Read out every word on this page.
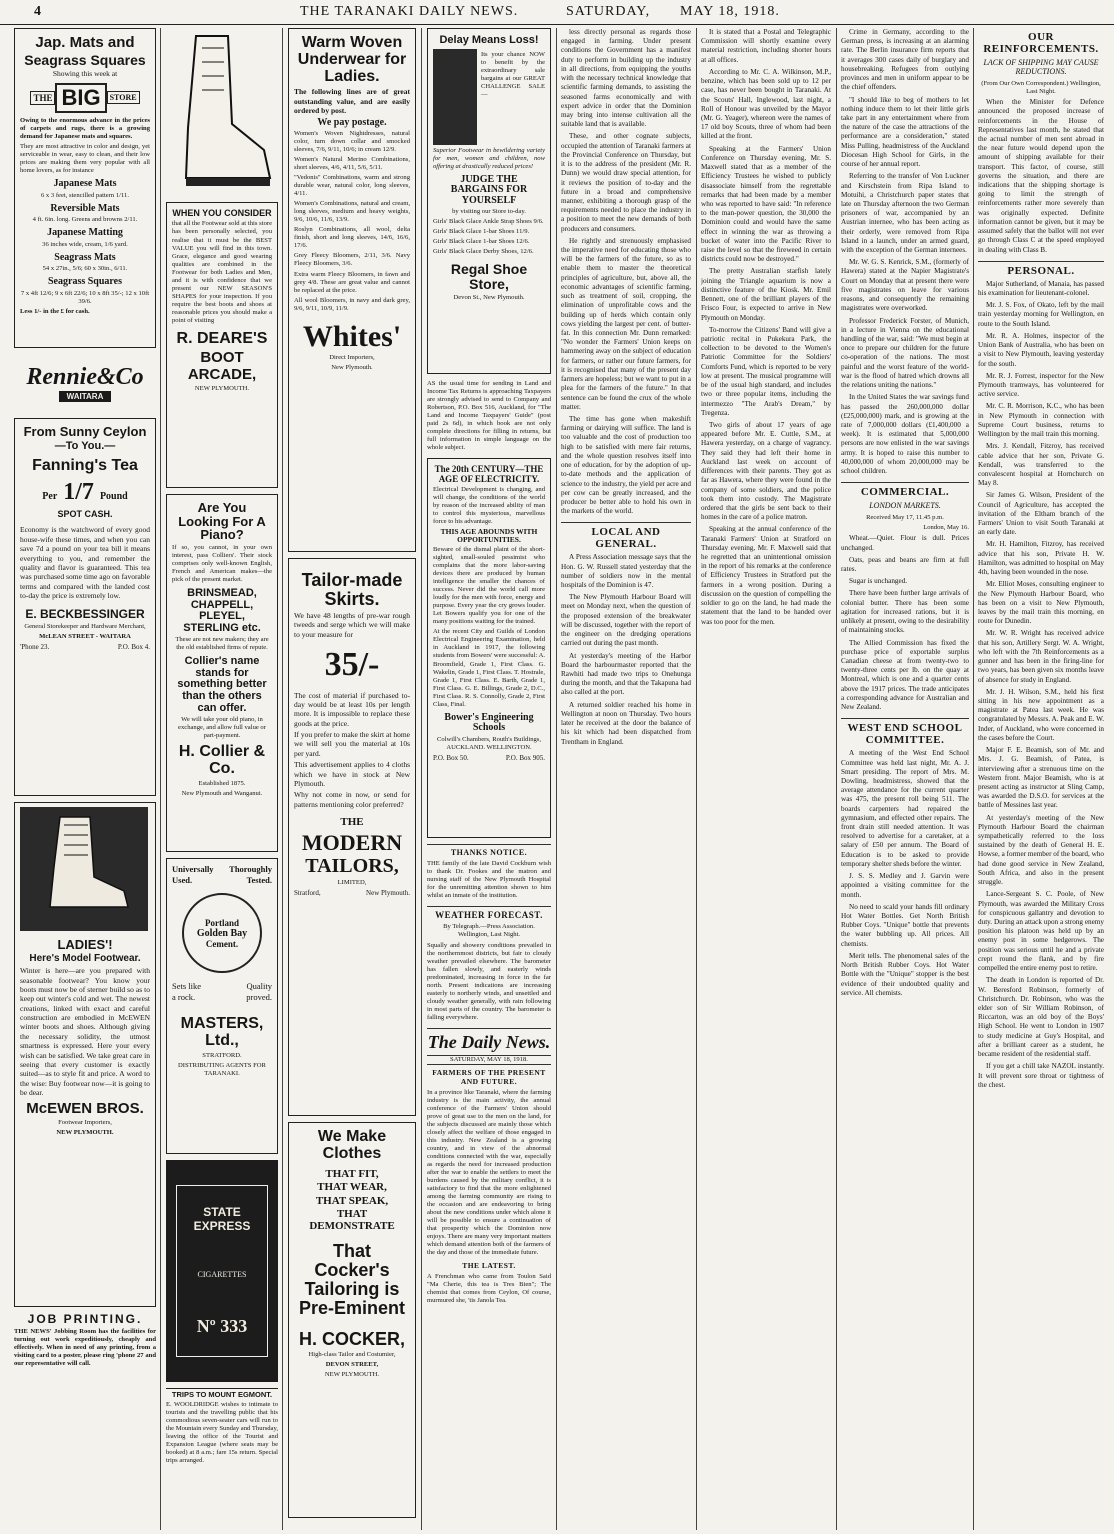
4	THE TARANAKI DAILY NEWS.	SATURDAY, MAY 18, 1918.
Jap. Mats and
Seagrass Squares
Showing this week at
THE BIG	STORE
Owing to the enormous advance in the prices of carpets and rugs, there is a growing demand for Japanese mats and squares.
They are most attractive in color and design, yet serviceable in wear, easy to clean, and their low prices are making them very popular with all home lovers, as for instance
Japanese Mats
6 x 3 feet, stencilled pattern 1/11.
Reversible Mats
4 ft. 6in. long. Greens and browns 2/11.
Japanese Matting
36 inches wide, cream, 1/6 yard.
Seagrass Mats
54 x 27in., 5/6; 60 x 30in., 6/11.
Seagrass Squares
7 x 4ft 12/6; 9 x 6ft 22/6; 10 x 8ft 35/-; 12 x 10ft 39/6.
Less 1/- in the £ for cash.
Rennie&Co
WAITARA
From Sunny Ceylon
—To You.—
Fanning's Tea
Per 1/7 Pound
SPOT CASH.
Economy is the watchword of every good house-wife these times, and when you can save 7d a pound on your tea bill it means everything to you, and remember the quality and flavor is guaranteed. This tea was purchased some time ago on favorable terms and compared with the landed cost to-day the price is extremely low.
E. BECKBESSINGER
General Storekeeper and Hardware Merchant,
McLEAN STREET - WAITARA
'Phone 23.	P.O. Box 4.
LADIES'!
Here's Model Footwear.
Winter is here—are you prepared with seasonable footwear? You know your boots must now be of sterner build so as to keep out winter's cold and wet. The newest creations, linked with exact and careful construction are embodied in McEWEN winter boots and shoes. Although giving the necessary solidity, the utmost smartness is expressed. Here your every wish can be satisfied. We take great care in seeing that every customer is exactly suited—as to style fit and price. A word to the wise: Buy footwear now—it is going to be dear.
McEWEN BROS.
Footwear Importers,
NEW PLYMOUTH.
JOB PRINTING.
THE NEWS' Jobbing Room has the facilities for turning out work expeditiously, cheaply and effectively. When in need of any printing, from a visiting card to a poster, please ring 'phone 27 and our representative will call.
WHEN YOU CONSIDER
that all the Footwear sold at this store has been personally selected, you realise that it must be the BEST VALUE you will find in this town. Grace, elegance and good wearing qualities are combined in the Footwear for both Ladies and Men, and it is with confidence that we present our NEW SEASON'S SHAPES for your inspection. If you require the best boots and shoes at reasonable prices you should make a point of visiting
R. DEARE'S
BOOT
ARCADE,
NEW PLYMOUTH.
Are You Looking For A Piano?
If so, you cannot, in your own interest, pass Colliers'. Their stock comprises only well-known English, French and American makes—the pick of the present market.
BRINSMEAD, CHAPPELL, PLEYEL, STERLING etc.
These are not new makers; they are the old established firms of repute.
Collier's name stands for something better than the others can offer.
We will take your old piano, in exchange, and allow full value or part-payment.
H. Collier & Co.
Established 1875.
New Plymouth and Wanganui.
Universally Thoroughly
Used.	Tested.
Portland
Golden Bay
Cement.
Sets like	Quality
a rock.	proved.
MASTERS, Ltd.,
STRATFORD.
DISTRIBUTING AGENTS FOR TARANAKI.
STATE EXPRESS
CIGARETTES
Nº 333
TRIPS TO MOUNT EGMONT.
E. WOOLDRIDGE wishes to intimate to tourists and the travelling public that his commodious seven-seater cars will run to the Mountain every Sunday and Thursday, leaving the office of the Tourist and Expansion League (where seats may be booked) at 8 a.m.; fare 15s return. Special trips arranged.
Warm Woven Underwear for Ladies.
The following lines are of great outstanding value, and are easily ordered by post.
We pay postage.
Women's Woven Nightdresses, natural color, turn down collar and smocked sleeves, 7/6, 9/11, 10/6; in cream 12/9.
Women's Natural Merino Combinations, short sleeves, 4/6, 4/11, 5/6, 5/11.
"Vedonis" Combinations, warm and strong durable wear, natural color, long sleeves, 4/11.
Women's Combinations, natural and cream, long sleeves, medium and heavy weights, 9/6, 10/6, 11/6, 13/9.
Roslyn Combinations, all wool, delta finish, short and long sleeves, 14/6, 16/6, 17/6.
Grey Fleecy Bloomers, 2/11, 3/6. Navy Fleecy Bloomers, 3/6.
Extra warm Fleecy Bloomers, in fawn and grey 4/8. These are great value and cannot be replaced at the price.
All wool Bloomers, in navy and dark grey, 9/6, 9/11, 10/9, 11/9.
Whites'
Direct Importers,
New Plymouth.
Tailor-made Skirts.
We have 48 lengths of pre-war rough tweeds and serge which we will make to your measure for
35/-
The cost of material if purchased to-day would be at least 10s per length more. It is impossible to replace these goods at the price.
If you prefer to make the skirt at home we will sell you the material at 10s per yard.
This advertisement applies to 4 cloths which we have in stock at New Plymouth.
Why not come in now, or send for patterns mentioning color preferred?
THE
MODERN
TAILORS,
LIMITED,
Stratford,	New Plymouth.
We Make Clothes
THAT FIT,
THAT WEAR,
THAT SPEAK,
THAT DEMONSTRATE
That Cocker's Tailoring is Pre-Eminent
H. COCKER,
High-class Tailor and Costumier,
DEVON STREET,
NEW PLYMOUTH.
Delay Means Loss!
Its your chance NOW to benefit by the extraordinary sale bargains at our GREAT CHALLENGE SALE—
Superior Footwear in bewildering variety for men, women and children, now offering at drastically reduced prices!
JUDGE THE BARGAINS FOR YOURSELF
by visiting our Store to-day.
Girls' Black Glace Ankle Strap Shoes 9/6.
Girls' Black Glace 1-bar Shoes 11/9.
Girls' Black Glace 1-bar Shoes 12/6.
Girls' Black Glace Derby Shoes, 12/6.
Regal Shoe Store,
Devon St., New Plymouth.
AS the usual time for sending in Land and Income Tax Returns is approaching Taxpayers are strongly advised to send to Company and Robertson, P.O. Box 516, Auckland, for "The Land and Income Taxpayers' Guide" (post paid 2s 6d), in which book are not only complete directions for filling in returns, but full information in simple language on the whole subject.
The 20th CENTURY—THE AGE OF ELECTRICITY.
Electrical Development is changing, and will change, the conditions of the world by reason of the increased ability of man to control this mysterious, marvellous force to his advantage.
THIS AGE ABOUNDS WITH OPPORTUNITIES.
Beware of the dismal plaint of the short-sighted, small-souled pessimist who complains that the more labor-saving devices there are produced by human intelligence the smaller the chances of success. Never did the world call more loudly for the men with force, energy and purpose. Every year the cry grows louder. Let Bowers qualify you for one of the many positions waiting for the trained.
At the recent City and Guilds of London Electrical Engineering Examination, held in Auckland in 1917, the following students from Bowers' were successful: A. Broomfield, Grade 1, First Class. G. Wakelin, Grade 1, First Class. T. Hostrale, Grade 1, First Class. E. Barth, Grade 1, First Class. G. E. Billings, Grade 2, D.C., First Class. R. S. Connolly, Grade 2, First Class, Final.
Bower's Engineering Schools
Colwill's Chambers, Routh's Buildings, AUCKLAND. WELLINGTON.
P.O. Box 50.	P.O. Box 905.
THANKS NOTICE.
THE family of the late David Cockburn wish to thank Dr. Fookes and the matron and nursing staff of the New Plymouth Hospital for the unremitting attention shown to him whilst an inmate of the institution.
WEATHER FORECAST.
By Telegraph.—Press Association. Wellington, Last Night.
Squally and showery conditions prevailed in the northernmost districts, but fair to cloudy weather prevailed elsewhere. The barometer has fallen slowly, and easterly winds predominated, increasing in force in the far north. Present indications are increasing easterly to northerly winds, and unsettled and cloudy weather generally, with rain following in most parts of the country. The barometer is falling everywhere.
The Daily News.
SATURDAY, MAY 18, 1918.
FARMERS OF THE PRESENT AND FUTURE.
In a province like Taranaki, where the farming industry is the main activity, the annual conference of the Farmers' Union should prove of great use to the men on the land, for the subjects discussed are mainly those which closely affect the welfare of those engaged in this industry. New Zealand is a growing country, and in view of the abnormal conditions connected with the war, especially as regards the need for increased production after the war to enable the settlers to meet the burdens caused by the military conflict, it is satisfactory to find that the more enlightened among the farming community are rising to the occasion and are endeavoring to bring about the new conditions under which alone it will be possible to ensure a continuation of that prosperity which the Dominion now enjoys. There are many very important matters which demand attention both of the farmers of the day and those of the immediate future.
THE LATEST.
A Frenchman who came from Toulon Said "Ma Cherie, this tea is Tres Bien"; The chemist that comes from Ceylon, Of course, murmured she, 'tis Janola Tea.

less directly personal as regards those engaged in farming. Under present conditions the Government has a manifest duty to perform in building up the industry in all directions, from equipping the youths with the necessary technical knowledge that scientific farming demands, to assisting the seasoned farms economically and with expert advice in order that the Dominion may bring into intense cultivation all the suitable land that is available.

These, and other cognate subjects, occupied the attention of Taranaki farmers at the Provincial Conference on Thursday, but it is to the address of the president (Mr. R. Dunn) we would draw special attention, for it reviews the position of to-day and the future in a broad and comprehensive manner, exhibiting a thorough grasp of the requirements needed to place the industry in a position to meet the new demands of both producers and consumers.

He rightly and strenuously emphasised the imperative need for educating those who will be the farmers of the future, so as to enable them to master the theoretical principles of agriculture, but, above all, the economic advantages of scientific farming, such as treatment of soil, cropping, the elimination of unprofitable cows and the building up of herds which contain only cows yielding the largest per cent. of butter-fat. In this connection Mr. Dunn remarked: "No wonder the Farmers' Union keeps on hammering away on the subject of education for farmers, or rather our future farmers, for it is recognised that many of the present day farmers are hopeless; but we want to put in a plea for the farmers of the future." In that sentence can be found the crux of the whole matter.

The time has gone when makeshift farming or dairying will suffice. The land is too valuable and the cost of production too high to be satisfied with mere fair returns, and the whole question resolves itself into one of education, for by the adoption of up-to-date methods and the application of science to the industry, the yield per acre and per cow can be greatly increased, and the producer be better able to hold his own in the markets of the world.

LOCAL AND GENERAL.

A Press Association message says that the Hon. G. W. Russell stated yesterday that the number of soldiers now in the mental hospitals of the Dominion is 47.

The New Plymouth Harbour Board will meet on Monday next, when the question of the proposed extension of the breakwater will be discussed, together with the report of the engineer on the dredging operations carried out during the past month.

At yesterday's meeting of the Harbor Board the harbourmaster reported that the Rawhiti had made two trips to Onehunga during the month, and that the Takapuna had also called at the port.

A returned soldier reached his home in Wellington at noon on Thursday. Two hours later he received at the door the balance of his kit which had been dispatched from Trentham in England.

It is stated that a Postal and Telegraphic Commission will shortly examine every material restriction, including shorter hours at all offices.

According to Mr. C. A. Wilkinson, M.P., benzine, which has been sold up to 12 per case, has never been bought in Taranaki. At the Scouts' Hall, Inglewood, last night, a Roll of Honour was unveiled by the Mayor (Mr. G. Yeager), whereon were the names of 17 old boy Scouts, three of whom had been killed at the front.

Speaking at the Farmers' Union Conference on Thursday evening, Mr. S. Maxwell stated that as a member of the Efficiency Trustees he wished to publicly disassociate himself from the regrettable remarks that had been made by a member who was reported to have said: "In reference to the man-power question, the 30,000 the Dominion could and would have the same effect in winning the war as throwing a bucket of water into the Pacific River to raise the level so that the fireweed in certain districts could now be destroyed."

The pretty Australian starfish lately joining the Triangle aquarium is now a distinctive feature of the Kiosk. Mr. Emil Bennett, one of the brilliant players of the Frisco Four, is expected to arrive in New Plymouth on Monday.

To-morrow the Citizens' Band will give a patriotic recital in Pukekura Park, the collection to be devoted to the Women's Patriotic Committee for the Soldiers' Comforts Fund, which is reported to be very low at present. The musical programme will be of the usual high standard, and includes two or three popular items, including the intermezzo "The Arab's Dream," by Tregenza.

Two girls of about 17 years of age appeared before Mr. E. Cuttle, S.M., at Hawera yesterday, on a charge of vagrancy. They said they had left their home in Auckland last week on account of differences with their parents. They got as far as Hawera, where they were found in the company of some soldiers, and the police took them into custody. The Magistrate ordered that the girls be sent back to their homes in the care of a police matron.

Speaking at the annual conference of the Taranaki Farmers' Union at Stratford on Thursday evening, Mr. F. Maxwell said that he regretted that an unintentional omission in the report of his remarks at the conference of Efficiency Trustees in Stratford put the farmers in a wrong position. During a discussion on the question of compelling the soldier to go on the land, he had made the statement that the land to be handed over was too poor for the men.

Crime in Germany, according to the German press, is increasing at an alarming rate. The Berlin insurance firm reports that it averages 300 cases daily of burglary and housebreaking. Refugees from outlying provinces and men in uniform appear to be the chief offenders.

"I should like to beg of mothers to let nothing induce them to let their little girls take part in any entertainment where from the nature of the case the attractions of the performance are a consideration," stated Miss Pulling, headmistress of the Auckland Diocesan High School for Girls, in the course of her annual report.

Referring to the transfer of Von Luckner and Kirschstein from Ripa Island to Motuihi, a Christchurch paper states that late on Thursday afternoon the two German prisoners of war, accompanied by an Austrian internee, who has been acting as their orderly, were removed from Ripa Island in a launch, under an armed guard, with the exception of the German internees.

Mr. W. G. S. Kenrick, S.M., (formerly of Hawera) stated at the Napier Magistrate's Court on Monday that at present there were five magistrates on leave for various reasons, and consequently the remaining magistrates were overworked.

Professor Frederick Forster, of Munich, in a lecture in Vienna on the educational handling of the war, said: "We must begin at once to prepare our children for the future co-operation of the nations. The most painful and the worst feature of the world-war is the flood of hatred which drowns all the relations uniting the nations."

In the United States the war savings fund has passed the 260,000,000 dollar (£25,000,000) mark, and is growing at the rate of 7,000,000 dollars (£1,400,000 a week). It is estimated that 5,000,000 persons are now enlisted in the war savings army. It is hoped to raise this number to 40,000,000 of whom 20,000,000 may be school children.

COMMERCIAL.
LONDON MARKETS.
Received May 17, 11.45 p.m.
London, May 16.

Wheat.—Quiet. Flour is dull. Prices unchanged.

Oats, peas and beans are firm at full rates.

Sugar is unchanged.

There have been further large arrivals of colonial butter. There has been some agitation for increased rations, but it is unlikely at present, owing to the desirability of maintaining stocks.

The Allied Commission has fixed the purchase price of exportable surplus Canadian cheese at from twenty-two to twenty-three cents per lb. on the quay at Montreal, which is one and a quarter cents above the 1917 prices. The trade anticipates a corresponding advance for Australian and New Zealand.

WEST END SCHOOL COMMITTEE.

A meeting of the West End School Committee was held last night, Mr. A. J. Smart presiding. The report of Mrs. M. Dowling, headmistress, showed that the average attendance for the current quarter was 475, the present roll being 511. The boards carpenters had repaired the gymnasium, and effected other repairs. The front drain still needed attention. It was resolved to advertise for a caretaker, at a salary of £50 per annum. The Board of Education is to be asked to provide temporary shelter sheds before the winter.

J. S. S. Medley and J. Garvin were appointed a visiting committee for the month.

No need to scald your hands fill ordinary Hot Water Bottles. Get North British Rubber Coys. "Unique" bottle that prevents the water bubbling up. All prices. All chemists.

Merit tells. The phenomenal sales of the North British Rubber Coys. Hot Water Bottle with the "Unique" stopper is the best evidence of their undoubted quality and service. All chemists.

OUR REINFORCEMENTS.
LACK OF SHIPPING MAY CAUSE REDUCTIONS.
(From Our Own Correspondent.) Wellington, Last Night.

When the Minister for Defence announced the proposed increase of reinforcements in the House of Representatives last month, he stated that the actual number of men sent abroad in the near future would depend upon the amount of shipping available for their transport. This factor, of course, still governs the situation, and there are indications that the shipping shortage is going to limit the strength of reinforcements rather more severely than was originally expected. Definite information cannot be given, but it may be assumed safely that the ballot will not ever go through Class C at the speed employed in dealing with Class B.

PERSONAL.

Major Sutherland, of Manaia, has passed his examination for lieutenant-colonel.

Mr. J. S. Fox, of Okato, left by the mail train yesterday morning for Wellington, en route to the South Island.

Mr. R. A. Holmes, inspector of the Union Bank of Australia, who has been on a visit to New Plymouth, leaving yesterday for the south.

Mr. R. J. Forrest, inspector for the New Plymouth tramways, has volunteered for active service.

Mr. C. R. Morrison, K.C., who has been in New Plymouth in connection with Supreme Court business, returns to Wellington by the mail train this morning.

Mrs. J. Kendall, Fitzroy, has received cable advice that her son, Private G. Kendall, was transferred to the convalescent hospital at Hornchurch on May 8.

Sir James G. Wilson, President of the Council of Agriculture, has accepted the invitation of the Eltham branch of the Farmers' Union to visit South Taranaki at an early date.

Mr. H. Hamilton, Fitzroy, has received advice that his son, Private H. W. Hamilton, was admitted to hospital on May 4th, having been wounded in the nose.

Mr. Elliot Moses, consulting engineer to the New Plymouth Harbour Board, who has been on a visit to New Plymouth, leaves by the mail train this morning, en route for Dunedin.

Mr. W. R. Wright has received advice that his son, Artillery Sergt. W. A. Wright, who left with the 7th Reinforcements as a gunner and has been in the firing-line for two years, has been given six months leave of absence for study in England.

Mr. J. H. Wilson, S.M., held his first sitting in his new appointment as a magistrate at Patea last week. He was congratulated by Messrs. A. Peak and E. W. Inder, of Auckland, who were concerned in the cases before the Court.

Major F. E. Beamish, son of Mr. and Mrs. J. G. Beamish, of Patea, is interviewing after a strenuous time on the Western front. Major Beamish, who is at present acting as instructor at Sling Camp, was awarded the D.S.O. for services at the battle of Messines last year.

At yesterday's meeting of the New Plymouth Harbour Board the chairman sympathetically referred to the loss sustained by the death of General H. E. Howse, a former member of the board, who had done good service in New Zealand, South Africa, and also in the present struggle.

Lance-Sergeant S. C. Poole, of New Plymouth, was awarded the Military Cross for conspicuous gallantry and devotion to duty. During an attack upon a strong enemy position his platoon was held up by an enemy post in some hedgerows. The position was serious until he and a private crept round the flank, and by fire compelled the entire enemy post to retire.

The death in London is reported of Dr. W. Beresford Robinson, formerly of Christchurch. Dr. Robinson, who was the elder son of Sir William Robinson, of Riccarton, was an old boy of the Boys' High School. He went to London in 1907 to study medicine at Guy's Hospital, and after a brilliant career as a student, he became resident of the residential staff.

If you get a chill take NAZOL instantly. It will prevent sore throat or tightness of the chest.
